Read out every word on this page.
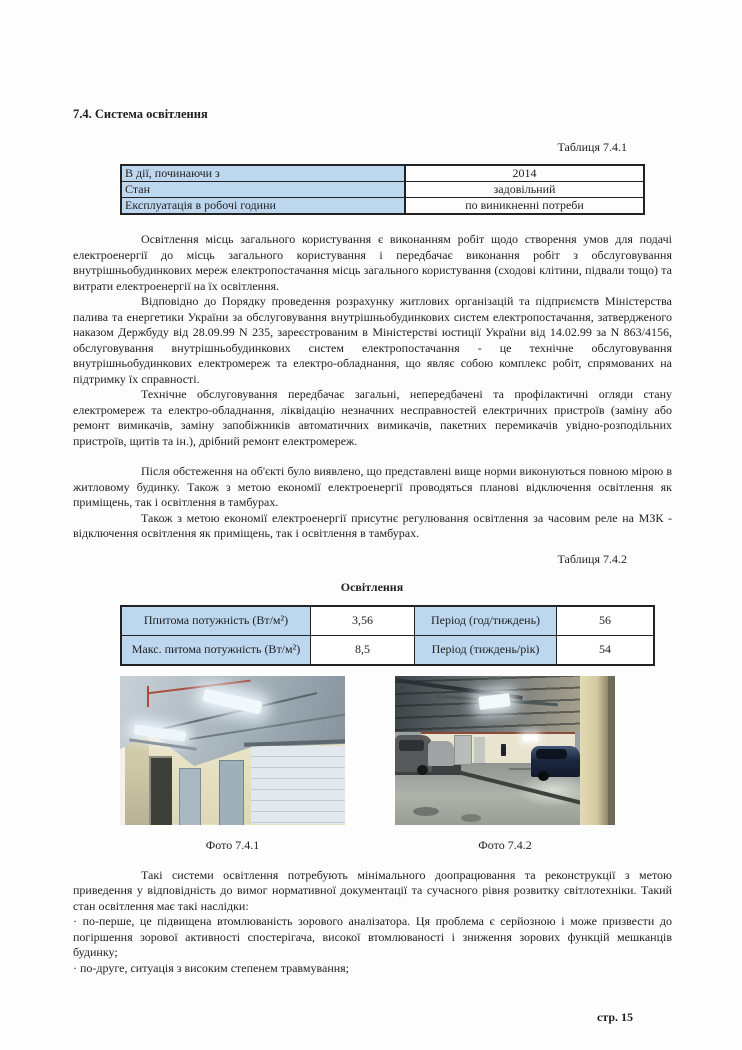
7.4. Система освітлення
Таблиця 7.4.1
В дії, починаючи з	2014
Стан	задовільний
Експлуатація в робочі години	по виникненні потреби

Освітлення місць загального користування є виконанням робіт щодо створення умов для подачі електроенергії до місць загального користування і передбачає виконання робіт з обслуговування внутрішньобудинкових мереж електропостачання місць загального користування (сходові клітини, підвали тощо) та витрати електроенергії на їх освітлення.

Відповідно до Порядку проведення розрахунку житлових організацій та підприємств Міністерства палива та енергетики України за обслуговування внутрішньобудинкових систем електропостачання, затвердженого наказом Держбуду від 28.09.99 N 235, зареєстрованим в Міністерстві юстиції України від 14.02.99 за N 863/4156, обслуговування внутрішньобудинкових систем електропостачання - це технічне обслуговування внутрішньобудинкових електромереж та електро-обладнання, що являє собою комплекс робіт, спрямованих на підтримку їх справності.

Технічне обслуговування передбачає загальні, непередбачені та профілактичні огляди стану електромереж та електро-обладнання, ліквідацію незначних несправностей електричних пристроїв (заміну або ремонт вимикачів, заміну запобіжників автоматичних вимикачів, пакетних перемикачів увідно-розподільних пристроїв, щитів та ін.), дрібний ремонт електромереж.

Після обстеження на об'єкті було виявлено, що представлені вище норми виконуються повною мірою в житловому будинку. Також з метою економії електроенергії проводяться планові відключення освітлення як приміщень, так і освітлення в тамбурах.

Також з метою економії електроенергії присутнє регулювання освітлення за часовим реле на МЗК - відключення освітлення як приміщень, так і освітлення в тамбурах.

Таблиця 7.4.2
Освітлення
Ппитома потужність (Вт/м²)	3,56	Період (год/тиждень)	56
Макс. питома потужність (Вт/м²)	8,5	Період (тиждень/рік)	54
Фото 7.4.1	Фото 7.4.2

Такі системи освітлення потребують мінімального доопрацювання та реконструкції з метою приведення у відповідність до вимог нормативної документації та сучасного рівня розвитку світлотехніки. Такий стан освітлення має такі наслідки:

· по-перше, це підвищена втомлюваність зорового аналізатора. Ця проблема є серйозною і може призвести до погіршення зорової активності спостерігача, високої втомлюваності і зниження зорових функцій мешканців будинку;

· по-друге, ситуація з високим степенем травмування;

стр. 15
